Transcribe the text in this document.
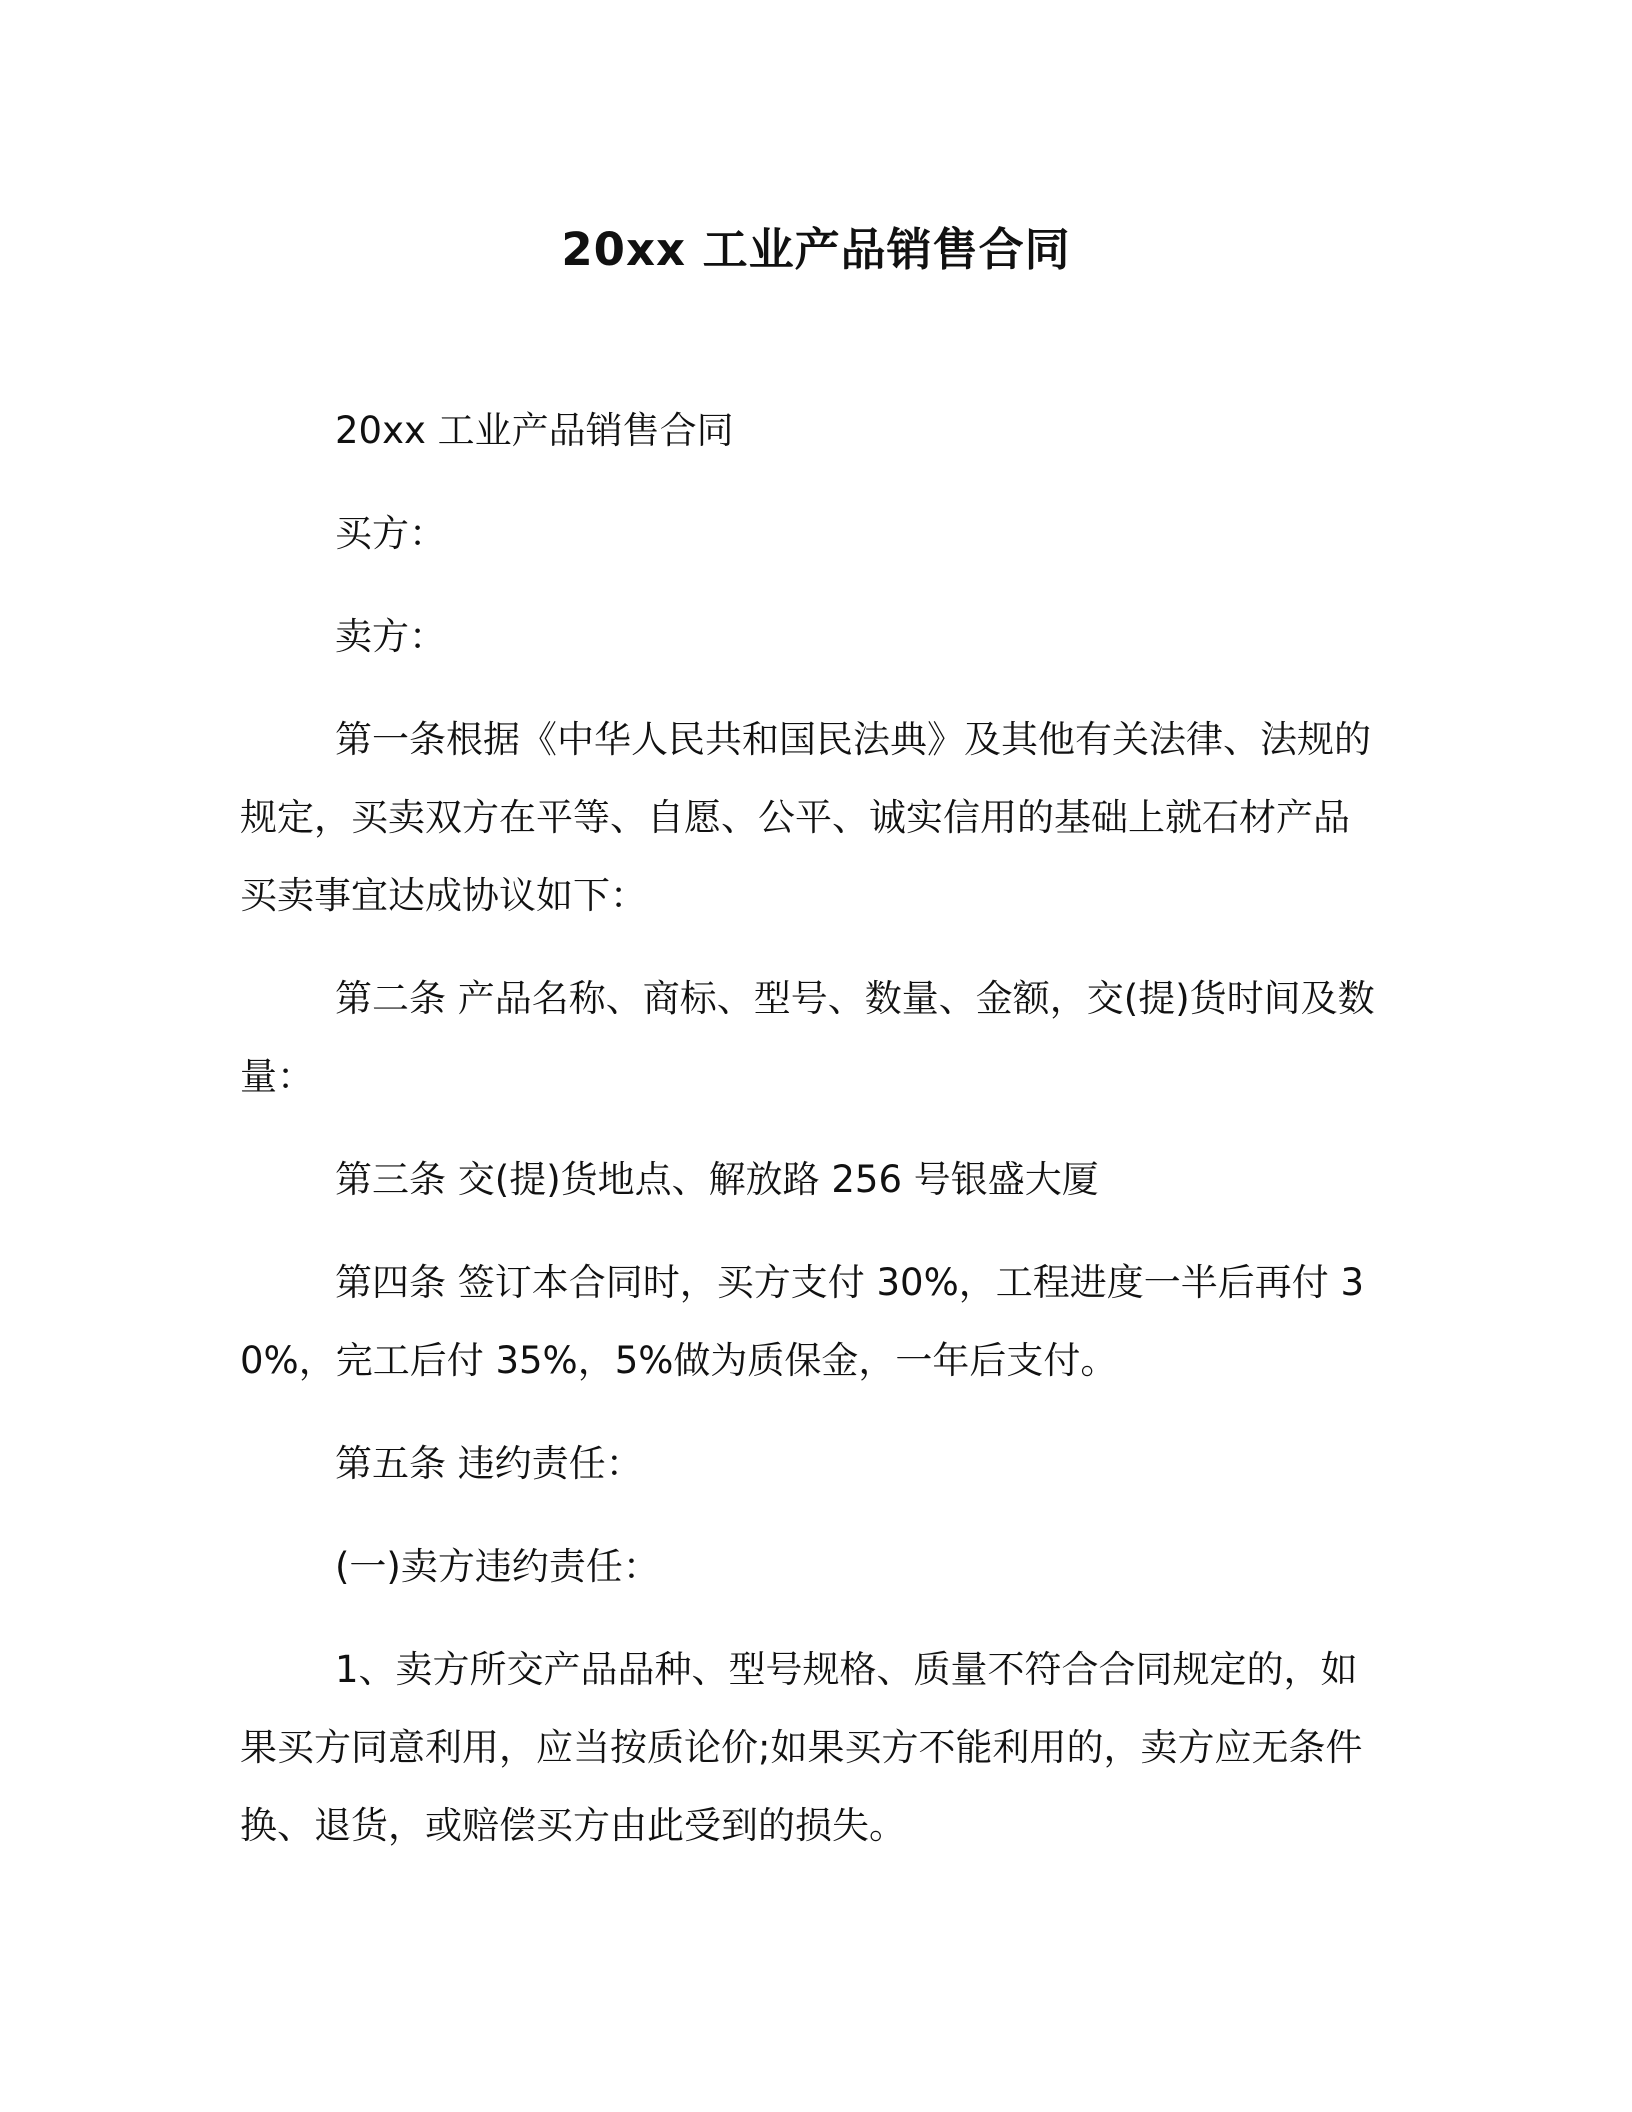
20xx 工业产品销售合同

20xx 工业产品销售合同

买方：

卖方：

第一条根据《中华人民共和国民法典》及其他有关法律、法规的规定，买卖双方在平等、自愿、公平、诚实信用的基础上就石材产品买卖事宜达成协议如下：

第二条 产品名称、商标、型号、数量、金额，交(提)货时间及数量：

第三条 交(提)货地点、解放路 256 号银盛大厦

第四条 签订本合同时，买方支付 30%，工程进度一半后再付 30%，完工后付 35%，5%做为质保金，一年后支付。

第五条 违约责任：

(一)卖方违约责任：

1、卖方所交产品品种、型号规格、质量不符合合同规定的，如果买方同意利用，应当按质论价;如果买方不能利用的，卖方应无条件换、退货，或赔偿买方由此受到的损失。
